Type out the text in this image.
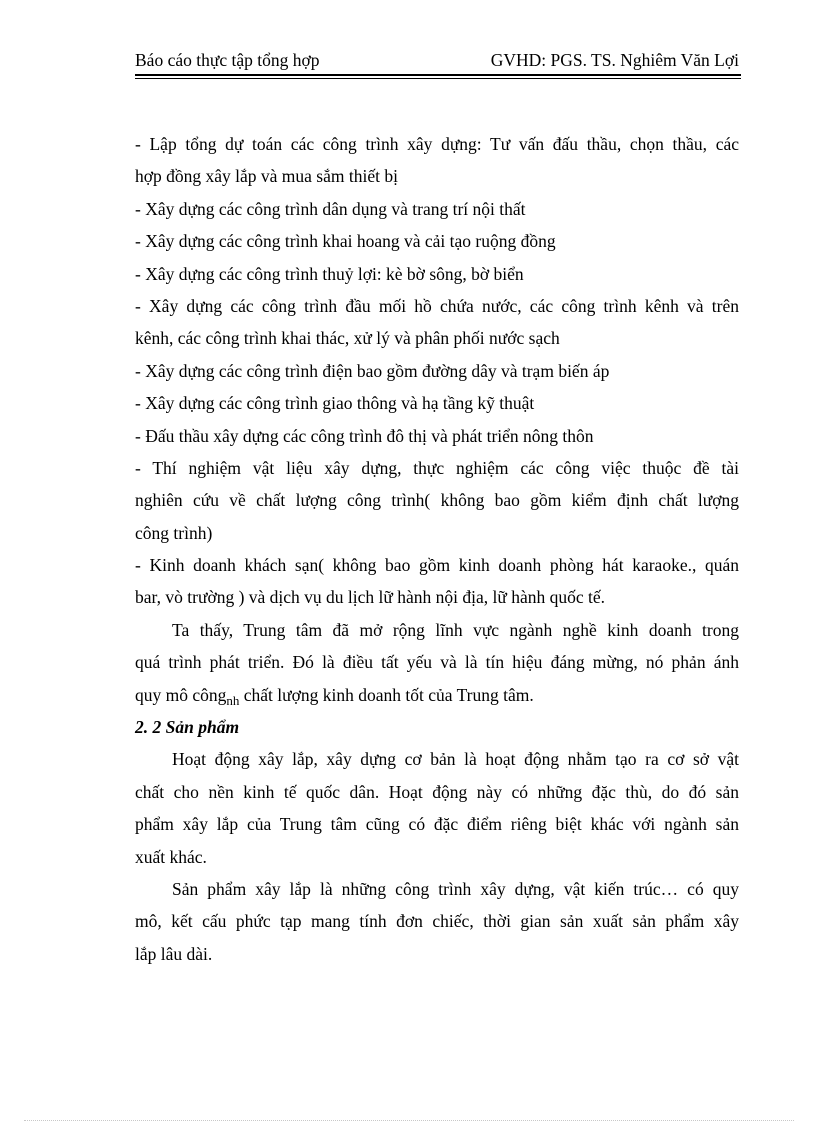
Báo cáo thực tập tổng hợp	GVHD: PGS. TS. Nghiêm Văn Lợi
- Lập tổng dự toán các công trình xây dựng: Tư vấn đấu thầu, chọn thầu, các
hợp đồng xây lắp và mua sắm thiết bị
- Xây dựng các công trình dân dụng và trang trí nội thất
- Xây dựng các công trình khai hoang và cải tạo ruộng đồng
- Xây dựng các công trình thuỷ lợi: kè bờ sông, bờ biển
- Xây dựng các công trình đầu mối hồ chứa nước, các công trình kênh và trên
kênh, các công trình khai thác, xử lý và phân phối nước sạch
- Xây dựng các công trình điện bao gồm đường dây và trạm biến áp
- Xây dựng các công trình giao thông và hạ tầng kỹ thuật
- Đấu thầu xây dựng các công trình đô thị và phát triển nông thôn
- Thí nghiệm vật liệu xây dựng, thực nghiệm các công việc thuộc đề tài
nghiên cứu về chất lượng công trình( không bao gồm kiểm định chất lượng
công trình)
- Kinh doanh khách sạn( không bao gồm kinh doanh phòng hát karaoke., quán
bar, vò trường ) và dịch vụ du lịch lữ hành nội địa, lữ hành quốc tế.
Ta thấy, Trung tâm đã mở rộng lĩnh vực ngành nghề kinh doanh trong
quá trình phát triển. Đó là điều tất yếu và là tín hiệu đáng mừng, nó phản ánh
quy mô công$_{nh}$ chất lượng kinh doanh tốt của Trung tâm.
2. 2 Sản phẩm
Hoạt động xây lắp, xây dựng cơ bản là hoạt động nhằm tạo ra cơ sở vật
chất cho nền kinh tế quốc dân. Hoạt động này có những đặc thù, do đó sản
phẩm xây lắp của Trung tâm cũng có đặc điểm riêng biệt khác với ngành sản
xuất khác.
Sản phẩm xây lắp là những công trình xây dựng, vật kiến trúc… có quy
mô, kết cấu phức tạp mang tính đơn chiếc, thời gian sản xuất sản phẩm xây
lắp lâu dài.
